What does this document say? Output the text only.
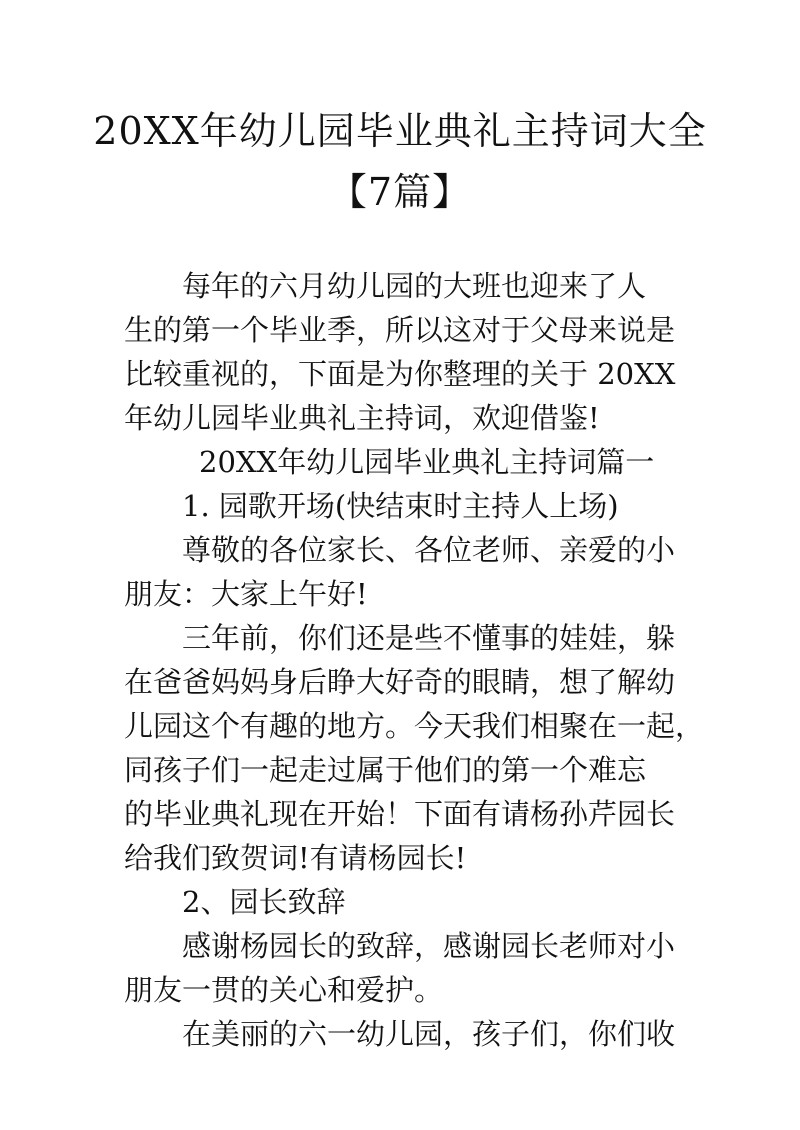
20XX年幼儿园毕业典礼主持词大全
【7篇】
每年的六月幼儿园的大班也迎来了人
生的第一个毕业季，所以这对于父母来说是
比较重视的，下面是为你整理的关于 20XX
年幼儿园毕业典礼主持词，欢迎借鉴!
20XX年幼儿园毕业典礼主持词篇一
1. 园歌开场(快结束时主持人上场)
尊敬的各位家长、各位老师、亲爱的小
朋友：大家上午好!
三年前，你们还是些不懂事的娃娃，躲
在爸爸妈妈身后睁大好奇的眼睛，想了解幼
儿园这个有趣的地方。今天我们相聚在一起，
同孩子们一起走过属于他们的第一个难忘
的毕业典礼现在开始！下面有请杨孙芹园长
给我们致贺词!有请杨园长!
2、园长致辞
感谢杨园长的致辞，感谢园长老师对小
朋友一贯的关心和爱护。
在美丽的六一幼儿园，孩子们，你们收
